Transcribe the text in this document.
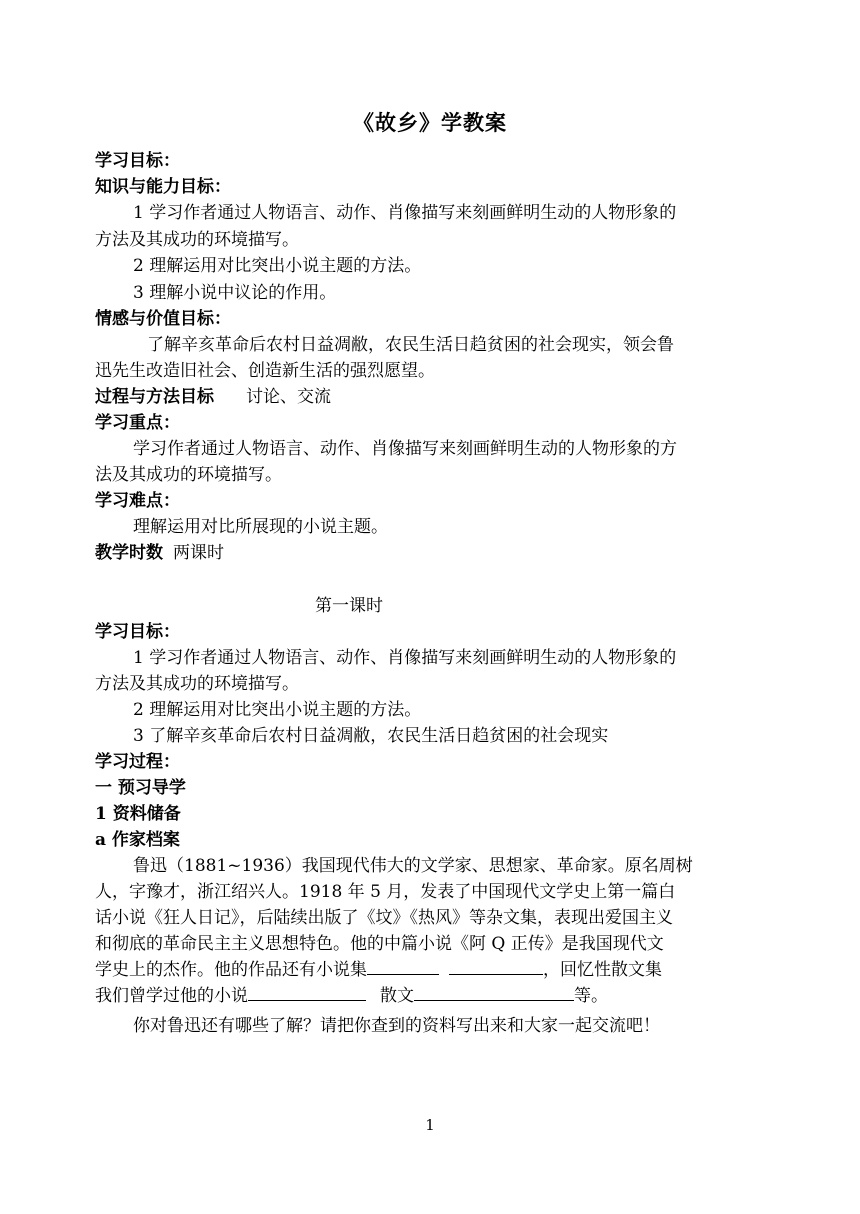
《故乡》学教案
学习目标：
知识与能力目标：
1 学习作者通过人物语言、动作、肖像描写来刻画鲜明生动的人物形象的
方法及其成功的环境描写。
2 理解运用对比突出小说主题的方法。
3 理解小说中议论的作用。
情感与价值目标：
了解辛亥革命后农村日益凋敝，农民生活日趋贫困的社会现实，领会鲁
迅先生改造旧社会、创造新生活的强烈愿望。
过程与方法目标 讨论、交流
学习重点：
学习作者通过人物语言、动作、肖像描写来刻画鲜明生动的人物形象的方
法及其成功的环境描写。
学习难点：
理解运用对比所展现的小说主题。
教学时数 两课时
第一课时
学习目标：
1 学习作者通过人物语言、动作、肖像描写来刻画鲜明生动的人物形象的
方法及其成功的环境描写。
2 理解运用对比突出小说主题的方法。
3 了解辛亥革命后农村日益凋敝，农民生活日趋贫困的社会现实
学习过程：
一 预习导学
1 资料储备
a 作家档案
鲁迅（1881~1936）我国现代伟大的文学家、思想家、革命家。原名周树
人，字豫才，浙江绍兴人。1918 年 5 月，发表了中国现代文学史上第一篇白
话小说《狂人日记》，后陆续出版了《坟》《热风》等杂文集，表现出爱国主义
和彻底的革命民主主义思想特色。他的中篇小说《阿 Q 正传》是我国现代文
学史上的杰作。他的作品还有小说集	，回忆性散文集
我们曾学过他的小说	散文	等。
你对鲁迅还有哪些了解？请把你查到的资料写出来和大家一起交流吧！
1
